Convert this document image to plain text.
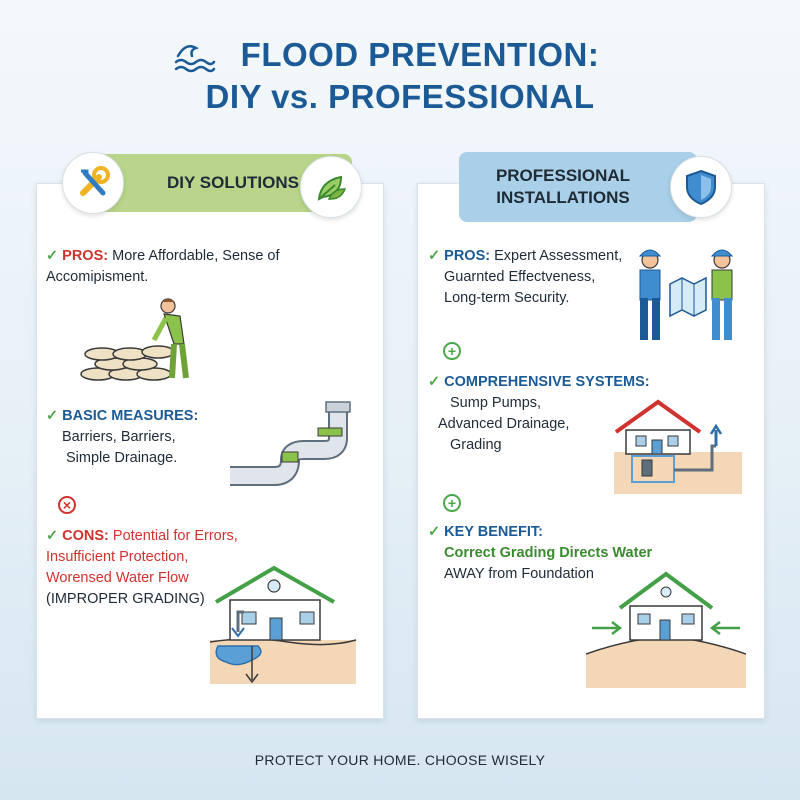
FLOOD PREVENTION:
DIY vs. PROFESSIONAL
DIY SOLUTIONS	PROFESSIONAL
INSTALLATIONS
✓ PROS: More Affordable, Sense of
Accomipisment.
✓ BASIC MEASURES:
Barriers, Barriers,
Simple Drainage.
×
✓ CONS: Potential for Errors,
Insufficient Protection,
Worensed Water Flow
(IMPROPER GRADING)
✓ PROS: Expert Assessment,
Guarnted Effectveness,
Long-term Security.
+
✓ COMPREHENSIVE SYSTEMS:
Sump Pumps,
Advanced Drainage,
Grading
+
✓ KEY BENEFIT:
Correct Grading Directs Water
AWAY from Foundation
PROTECT YOUR HOME. CHOOSE WISELY
